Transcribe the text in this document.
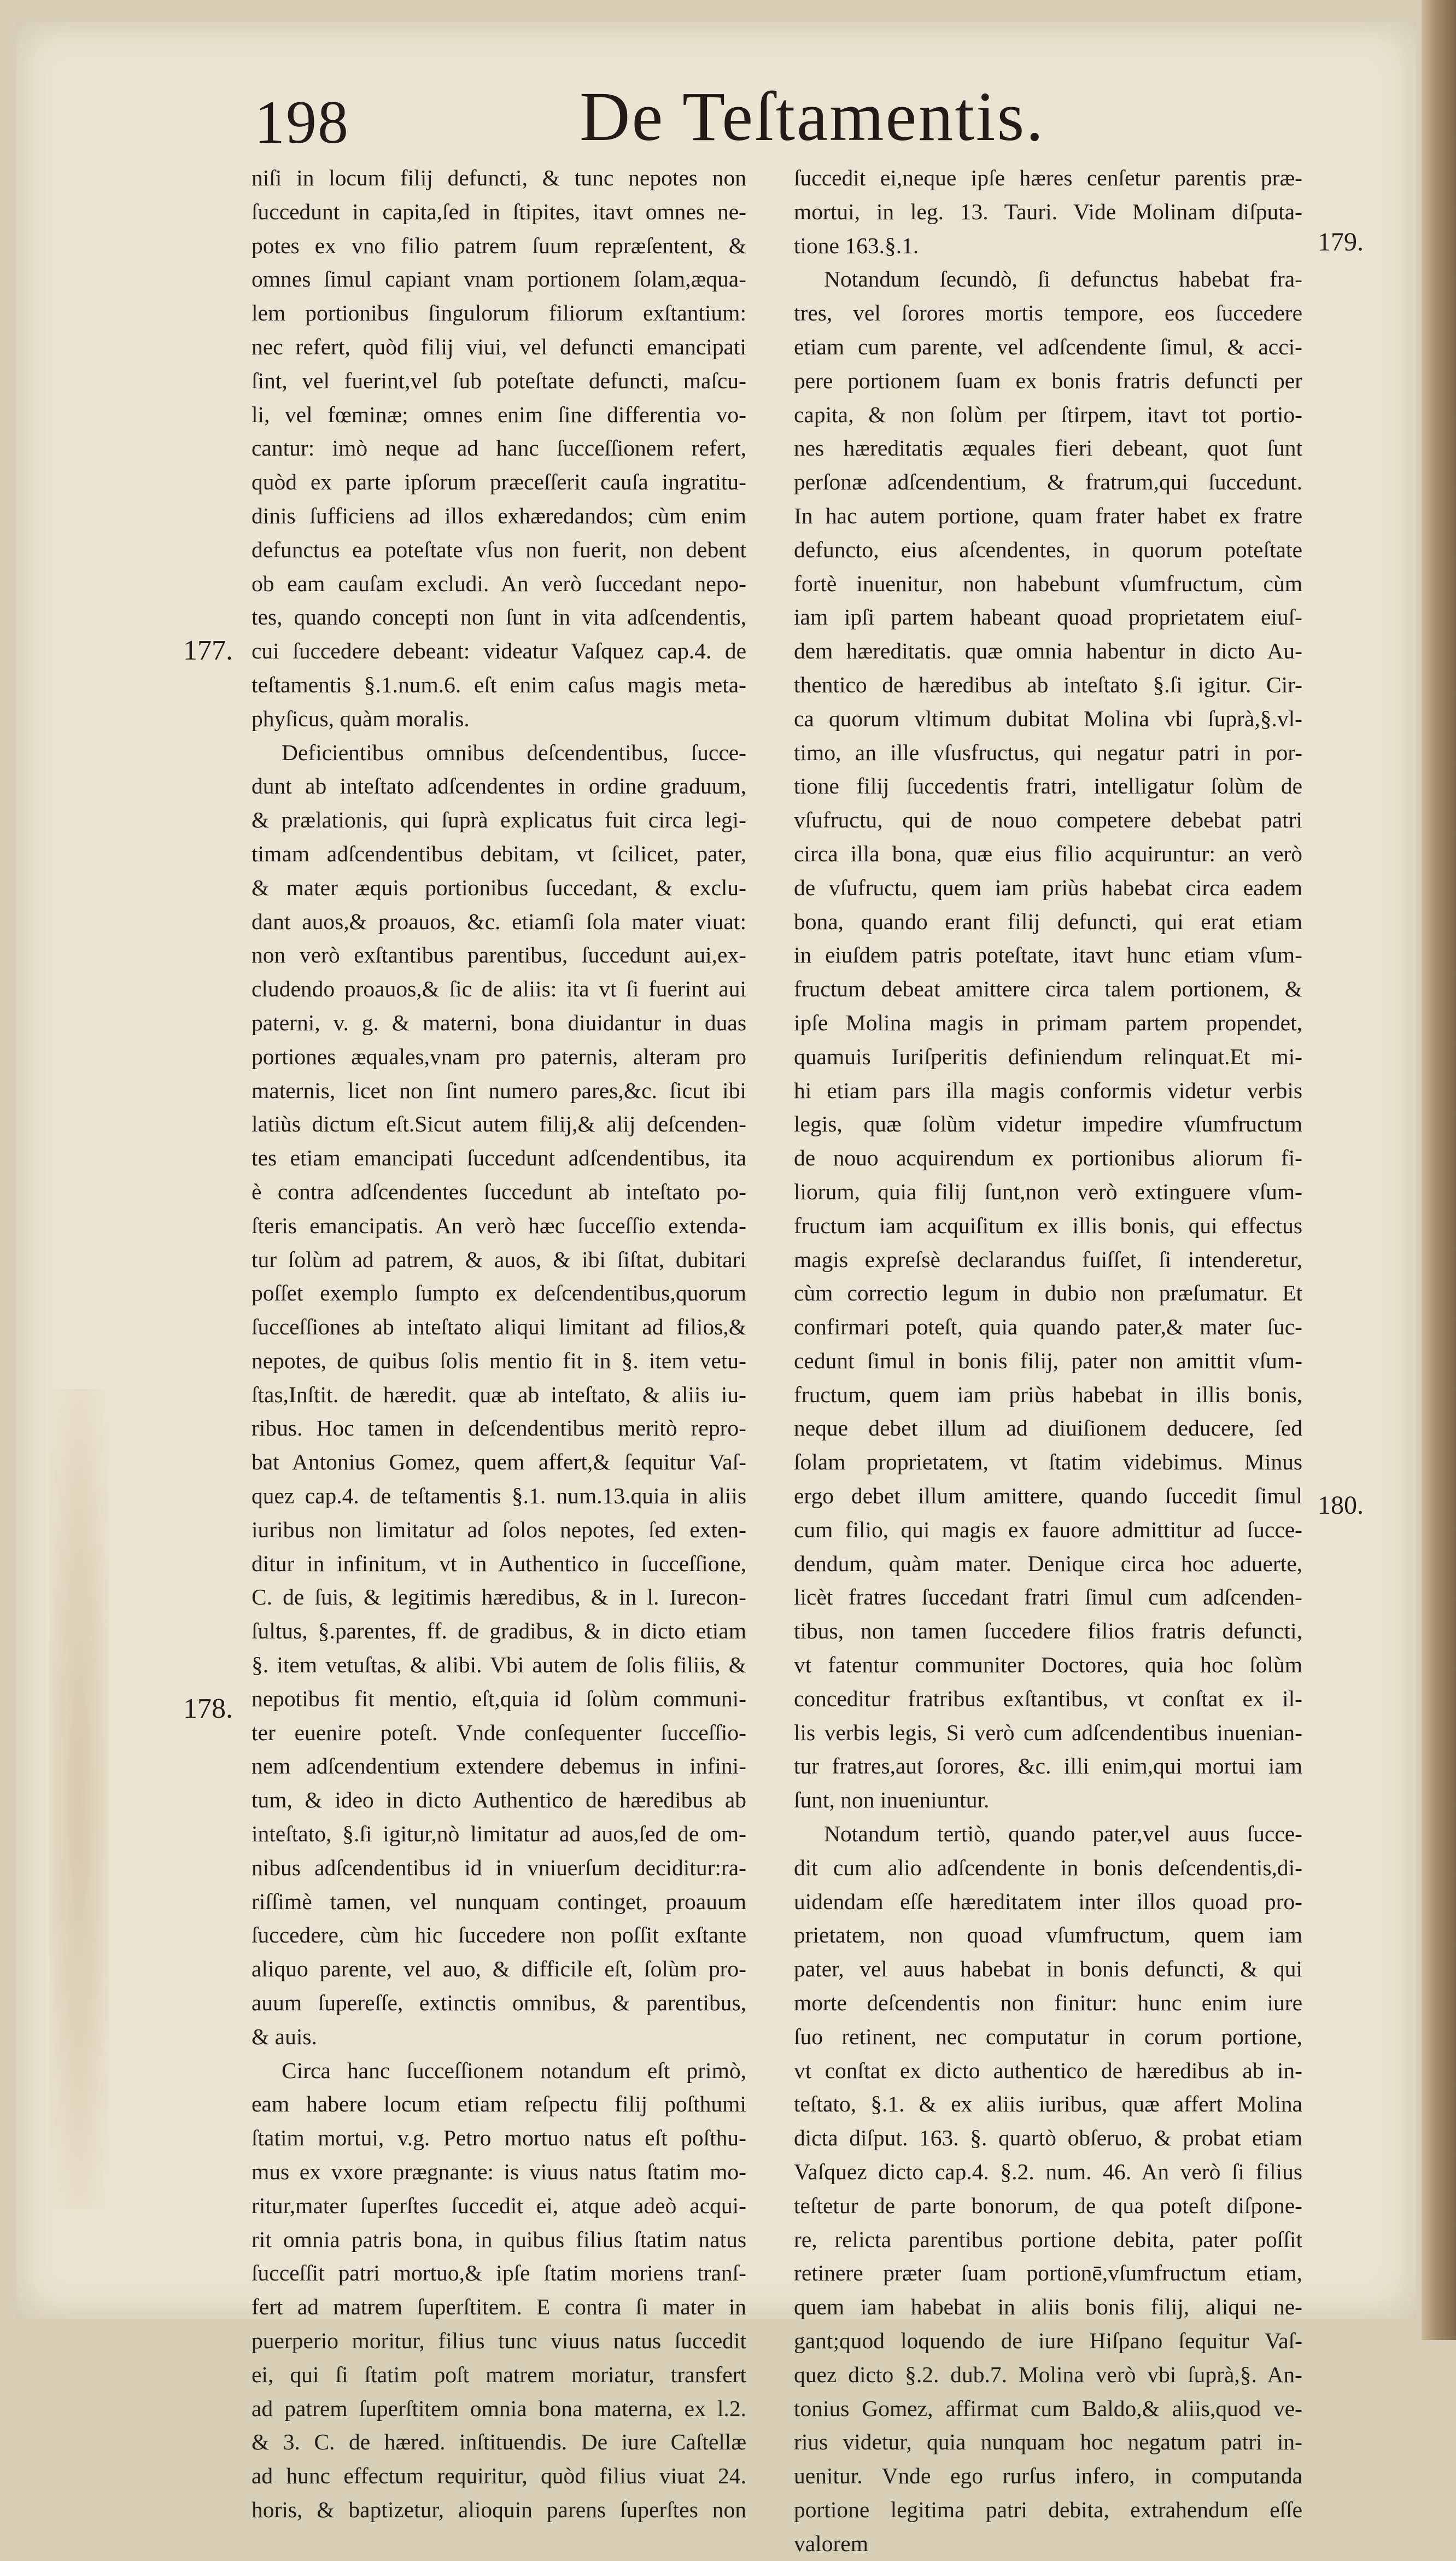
198	De Teſtamentis.
177.
178.
179.
180.

niſi in locum filij defuncti, & tunc nepotes non

ſuccedunt in capita,ſed in ſtipites, itavt omnes ne-

potes ex vno filio patrem ſuum repræſentent, &

omnes ſimul capiant vnam portionem ſolam,æqua-

lem portionibus ſingulorum filiorum exſtantium:

nec refert, quòd filij viui, vel defuncti emancipati

ſint, vel fuerint,vel ſub poteſtate defuncti, maſcu-

li, vel fœminæ; omnes enim ſine differentia vo-

cantur: imò neque ad hanc ſucceſſionem refert,

quòd ex parte ipſorum præceſſerit cauſa ingratitu-

dinis ſufficiens ad illos exhæredandos; cùm enim

defunctus ea poteſtate vſus non fuerit, non debent

ob eam cauſam excludi. An verò ſuccedant nepo-

tes, quando concepti non ſunt in vita adſcendentis,

cui ſuccedere debeant: videatur Vaſquez cap.4. de

teſtamentis §.1.num.6. eſt enim caſus magis meta-

phyſicus, quàm moralis.

Deficientibus omnibus deſcendentibus, ſucce-

dunt ab inteſtato adſcendentes in ordine graduum,

& prælationis, qui ſuprà explicatus fuit circa legi-

timam adſcendentibus debitam, vt ſcilicet, pater,

& mater æquis portionibus ſuccedant, & exclu-

dant auos,& proauos, &c. etiamſi ſola mater viuat:

non verò exſtantibus parentibus, ſuccedunt aui,ex-

cludendo proauos,& ſic de aliis: ita vt ſi fuerint aui

paterni, v. g. & materni, bona diuidantur in duas

portiones æquales,vnam pro paternis, alteram pro

maternis, licet non ſint numero pares,&c. ſicut ibi

latiùs dictum eſt.Sicut autem filij,& alij deſcenden-

tes etiam emancipati ſuccedunt adſcendentibus, ita

è contra adſcendentes ſuccedunt ab inteſtato po-

ſteris emancipatis. An verò hæc ſucceſſio extenda-

tur ſolùm ad patrem, & auos, & ibi ſiſtat, dubitari

poſſet exemplo ſumpto ex deſcendentibus,quorum

ſucceſſiones ab inteſtato aliqui limitant ad filios,&

nepotes, de quibus ſolis mentio fit in §. item vetu-

ſtas,Inſtit. de hæredit. quæ ab inteſtato, & aliis iu-

ribus. Hoc tamen in deſcendentibus meritò repro-

bat Antonius Gomez, quem affert,& ſequitur Vaſ-

quez cap.4. de teſtamentis §.1. num.13.quia in aliis

iuribus non limitatur ad ſolos nepotes, ſed exten-

ditur in infinitum, vt in Authentico in ſucceſſione,

C. de ſuis, & legitimis hæredibus, & in l. Iurecon-

ſultus, §.parentes, ff. de gradibus, & in dicto etiam

§. item vetuſtas, & alibi. Vbi autem de ſolis filiis, &

nepotibus fit mentio, eſt,quia id ſolùm communi-

ter euenire poteſt. Vnde conſequenter ſucceſſio-

nem adſcendentium extendere debemus in infini-

tum, & ideo in dicto Authentico de hæredibus ab

inteſtato, §.ſi igitur,nò limitatur ad auos,ſed de om-

nibus adſcendentibus id in vniuerſum deciditur:ra-

riſſimè tamen, vel nunquam continget, proauum

ſuccedere, cùm hic ſuccedere non poſſit exſtante

aliquo parente, vel auo, & difficile eſt, ſolùm pro-

auum ſupereſſe, extinctis omnibus, & parentibus,

& auis.

Circa hanc ſucceſſionem notandum eſt primò,

eam habere locum etiam reſpectu filij poſthumi

ſtatim mortui, v.g. Petro mortuo natus eſt poſthu-

mus ex vxore prægnante: is viuus natus ſtatim mo-

ritur,mater ſuperſtes ſuccedit ei, atque adeò acqui-

rit omnia patris bona, in quibus filius ſtatim natus

ſucceſſit patri mortuo,& ipſe ſtatim moriens tranſ-

fert ad matrem ſuperſtitem. E contra ſi mater in

puerperio moritur, filius tunc viuus natus ſuccedit

ei, qui ſi ſtatim poſt matrem moriatur, transfert

ad patrem ſuperſtitem omnia bona materna, ex l.2.

& 3. C. de hæred. inſtituendis. De iure Caſtellæ

ad hunc effectum requiritur, quòd filius viuat 24.

horis, & baptizetur, alioquin parens ſuperſtes non

ſuccedit ei,neque ipſe hæres cenſetur parentis præ-

mortui, in leg. 13. Tauri. Vide Molinam diſputa-

tione 163.§.1.

Notandum ſecundò, ſi defunctus habebat fra-

tres, vel ſorores mortis tempore, eos ſuccedere

etiam cum parente, vel adſcendente ſimul, & acci-

pere portionem ſuam ex bonis fratris defuncti per

capita, & non ſolùm per ſtirpem, itavt tot portio-

nes hæreditatis æquales fieri debeant, quot ſunt

perſonæ adſcendentium, & fratrum,qui ſuccedunt.

In hac autem portione, quam frater habet ex fratre

defuncto, eius aſcendentes, in quorum poteſtate

fortè inuenitur, non habebunt vſumfructum, cùm

iam ipſi partem habeant quoad proprietatem eiuſ-

dem hæreditatis. quæ omnia habentur in dicto Au-

thentico de hæredibus ab inteſtato §.ſi igitur. Cir-

ca quorum vltimum dubitat Molina vbi ſuprà,§.vl-

timo, an ille vſusfructus, qui negatur patri in por-

tione filij ſuccedentis fratri, intelligatur ſolùm de

vſufructu, qui de nouo competere debebat patri

circa illa bona, quæ eius filio acquiruntur: an verò

de vſufructu, quem iam priùs habebat circa eadem

bona, quando erant filij defuncti, qui erat etiam

in eiuſdem patris poteſtate, itavt hunc etiam vſum-

fructum debeat amittere circa talem portionem, &

ipſe Molina magis in primam partem propendet,

quamuis Iuriſperitis definiendum relinquat.Et mi-

hi etiam pars illa magis conformis videtur verbis

legis, quæ ſolùm videtur impedire vſumfructum

de nouo acquirendum ex portionibus aliorum fi-

liorum, quia filij ſunt,non verò extinguere vſum-

fructum iam acquiſitum ex illis bonis, qui effectus

magis expreſsè declarandus fuiſſet, ſi intenderetur,

cùm correctio legum in dubio non præſumatur. Et

confirmari poteſt, quia quando pater,& mater ſuc-

cedunt ſimul in bonis filij, pater non amittit vſum-

fructum, quem iam priùs habebat in illis bonis,

neque debet illum ad diuiſionem deducere, ſed

ſolam proprietatem, vt ſtatim videbimus. Minus

ergo debet illum amittere, quando ſuccedit ſimul

cum filio, qui magis ex fauore admittitur ad ſucce-

dendum, quàm mater. Denique circa hoc aduerte,

licèt fratres ſuccedant fratri ſimul cum adſcenden-

tibus, non tamen ſuccedere filios fratris defuncti,

vt fatentur communiter Doctores, quia hoc ſolùm

conceditur fratribus exſtantibus, vt conſtat ex il-

lis verbis legis, Si verò cum adſcendentibus inuenian-

tur fratres,aut ſorores, &c. illi enim,qui mortui iam

ſunt, non inueniuntur.

Notandum tertiò, quando pater,vel auus ſucce-

dit cum alio adſcendente in bonis deſcendentis,di-

uidendam eſſe hæreditatem inter illos quoad pro-

prietatem, non quoad vſumfructum, quem iam

pater, vel auus habebat in bonis defuncti, & qui

morte deſcendentis non finitur: hunc enim iure

ſuo retinent, nec computatur in corum portione,

vt conſtat ex dicto authentico de hæredibus ab in-

teſtato, §.1. & ex aliis iuribus, quæ affert Molina

dicta diſput. 163. §. quartò obſeruo, & probat etiam

Vaſquez dicto cap.4. §.2. num. 46. An verò ſi filius

teſtetur de parte bonorum, de qua poteſt diſpone-

re, relicta parentibus portione debita, pater poſſit

retinere præter ſuam portionē,vſumfructum etiam,

quem iam habebat in aliis bonis filij, aliqui ne-

gant;quod loquendo de iure Hiſpano ſequitur Vaſ-

quez dicto §.2. dub.7. Molina verò vbi ſuprà,§. An-

tonius Gomez, affirmat cum Baldo,& aliis,quod ve-

rius videtur, quia nunquam hoc negatum patri in-

uenitur. Vnde ego rurſus infero, in computanda

portione legitima patri debita, extrahendum eſſe

valorem
